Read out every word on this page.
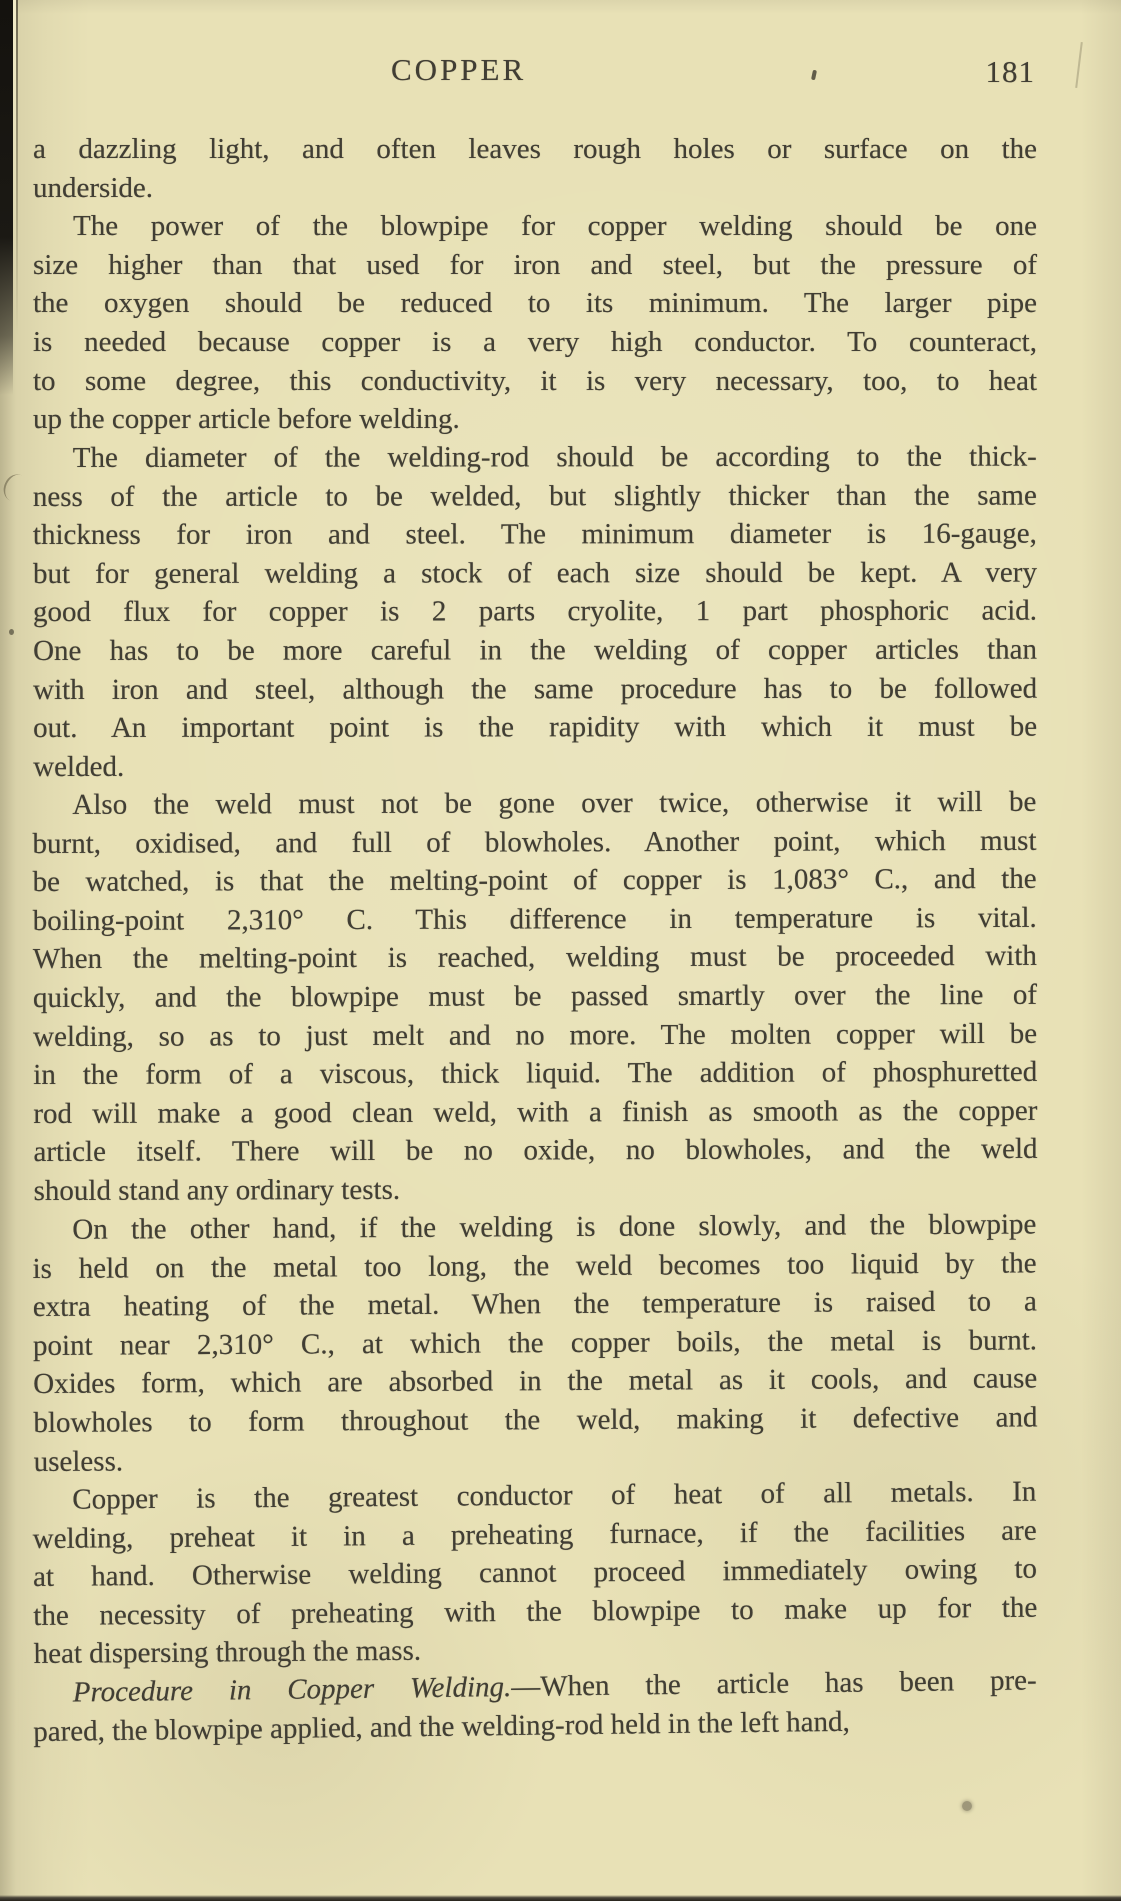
COPPER	181

a dazzling light, and often leaves rough holes or surface on the
underside.

The power of the blowpipe for copper welding should be one
size higher than that used for iron and steel, but the pressure of
the oxygen should be reduced to its minimum. The larger pipe
is needed because copper is a very high conductor. To counteract,
to some degree, this conductivity, it is very necessary, too, to heat
up the copper article before welding.

The diameter of the welding-rod should be according to the thick-
ness of the article to be welded, but slightly thicker than the same
thickness for iron and steel. The minimum diameter is 16-gauge,
but for general welding a stock of each size should be kept. A very
good flux for copper is 2 parts cryolite, 1 part phosphoric acid.
One has to be more careful in the welding of copper articles than
with iron and steel, although the same procedure has to be followed
out. An important point is the rapidity with which it must be
welded.

Also the weld must not be gone over twice, otherwise it will be
burnt, oxidised, and full of blowholes. Another point, which must
be watched, is that the melting-point of copper is 1,083° C., and the
boiling-point 2,310° C. This difference in temperature is vital.
When the melting-point is reached, welding must be proceeded with
quickly, and the blowpipe must be passed smartly over the line of
welding, so as to just melt and no more. The molten copper will be
in the form of a viscous, thick liquid. The addition of phosphuretted
rod will make a good clean weld, with a finish as smooth as the copper
article itself. There will be no oxide, no blowholes, and the weld
should stand any ordinary tests.

On the other hand, if the welding is done slowly, and the blowpipe
is held on the metal too long, the weld becomes too liquid by the
extra heating of the metal. When the temperature is raised to a
point near 2,310° C., at which the copper boils, the metal is burnt.
Oxides form, which are absorbed in the metal as it cools, and cause
blowholes to form throughout the weld, making it defective and
useless.

Copper is the greatest conductor of heat of all metals. In
welding, preheat it in a preheating furnace, if the facilities are
at hand. Otherwise welding cannot proceed immediately owing to
the necessity of preheating with the blowpipe to make up for the
heat dispersing through the mass.

Procedure in Copper Welding.—When the article has been pre-
pared, the blowpipe applied, and the welding-rod held in the left hand,
